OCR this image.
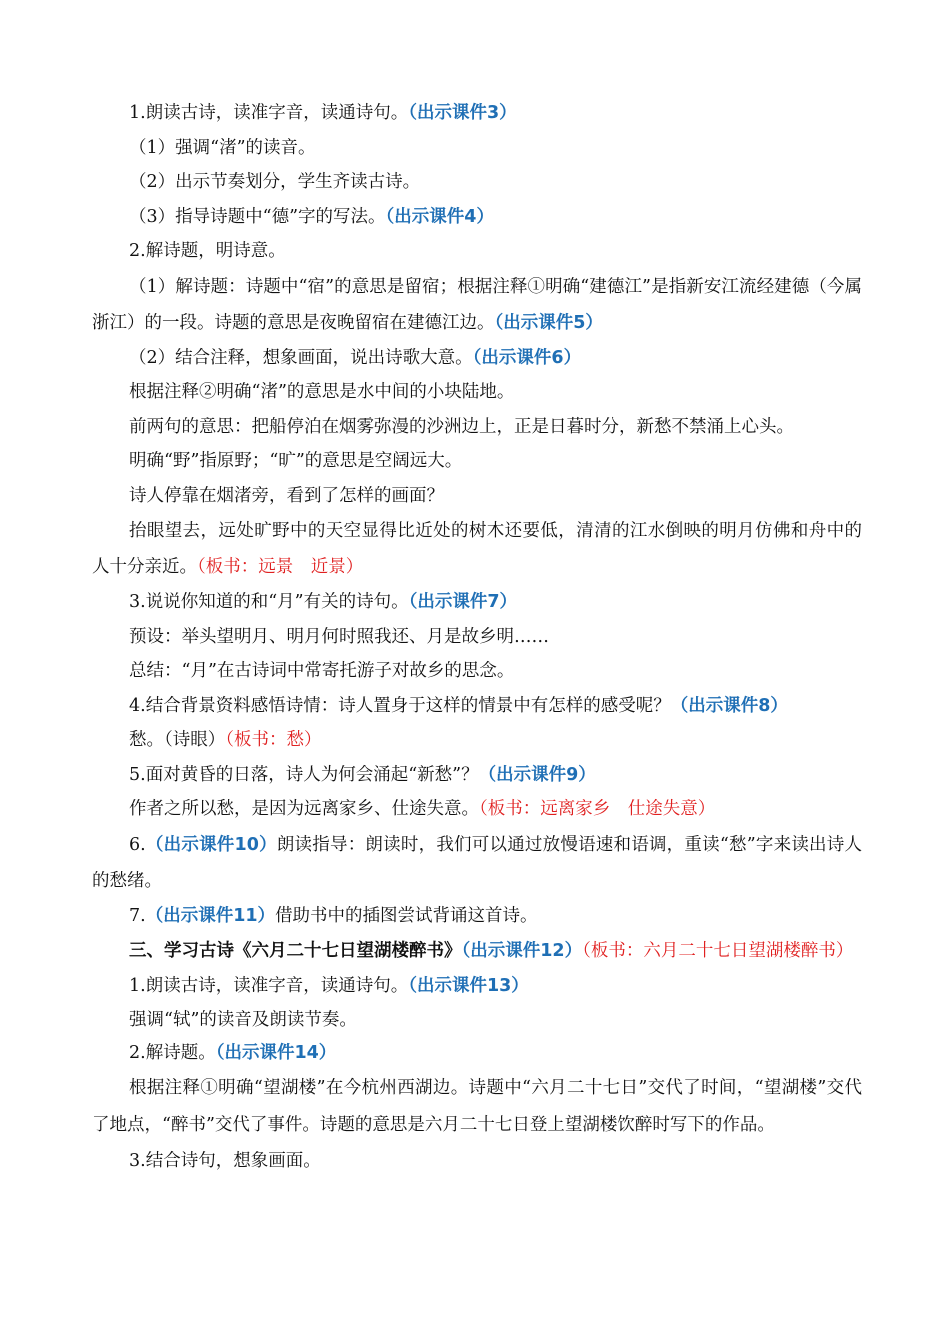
1.朗读古诗，读准字音，读通诗句。（出示课件3）

（1）强调“渚”的读音。

（2）出示节奏划分，学生齐读古诗。

（3）指导诗题中“德”字的写法。（出示课件4）

2.解诗题，明诗意。

（1）解诗题：诗题中“宿”的意思是留宿；根据注释①明确“建德江”是指新安江流经建德（今属浙江）的一段。诗题的意思是夜晚留宿在建德江边。（出示课件5）

（2）结合注释，想象画面，说出诗歌大意。（出示课件6）

根据注释②明确“渚”的意思是水中间的小块陆地。

前两句的意思：把船停泊在烟雾弥漫的沙洲边上，正是日暮时分，新愁不禁涌上心头。

明确“野”指原野；“旷”的意思是空阔远大。

诗人停靠在烟渚旁，看到了怎样的画面？

抬眼望去，远处旷野中的天空显得比近处的树木还要低，清清的江水倒映的明月仿佛和舟中的人十分亲近。（板书：远景　近景）

3.说说你知道的和“月”有关的诗句。（出示课件7）

预设：举头望明月、明月何时照我还、月是故乡明……

总结：“月”在古诗词中常寄托游子对故乡的思念。

4.结合背景资料感悟诗情：诗人置身于这样的情景中有怎样的感受呢？（出示课件8）

愁。（诗眼）（板书：愁）

5.面对黄昏的日落，诗人为何会涌起“新愁”？（出示课件9）

作者之所以愁，是因为远离家乡、仕途失意。（板书：远离家乡　仕途失意）

6.（出示课件10）朗读指导：朗读时，我们可以通过放慢语速和语调，重读“愁”字来读出诗人的愁绪。

7.（出示课件11）借助书中的插图尝试背诵这首诗。

三、学习古诗《六月二十七日望湖楼醉书》（出示课件12）（板书：六月二十七日望湖楼醉书）

1.朗读古诗，读准字音，读通诗句。（出示课件13）

强调“轼”的读音及朗读节奏。

2.解诗题。（出示课件14）

根据注释①明确“望湖楼”在今杭州西湖边。诗题中“六月二十七日”交代了时间，“望湖楼”交代了地点，“醉书”交代了事件。诗题的意思是六月二十七日登上望湖楼饮醉时写下的作品。

3.结合诗句，想象画面。
